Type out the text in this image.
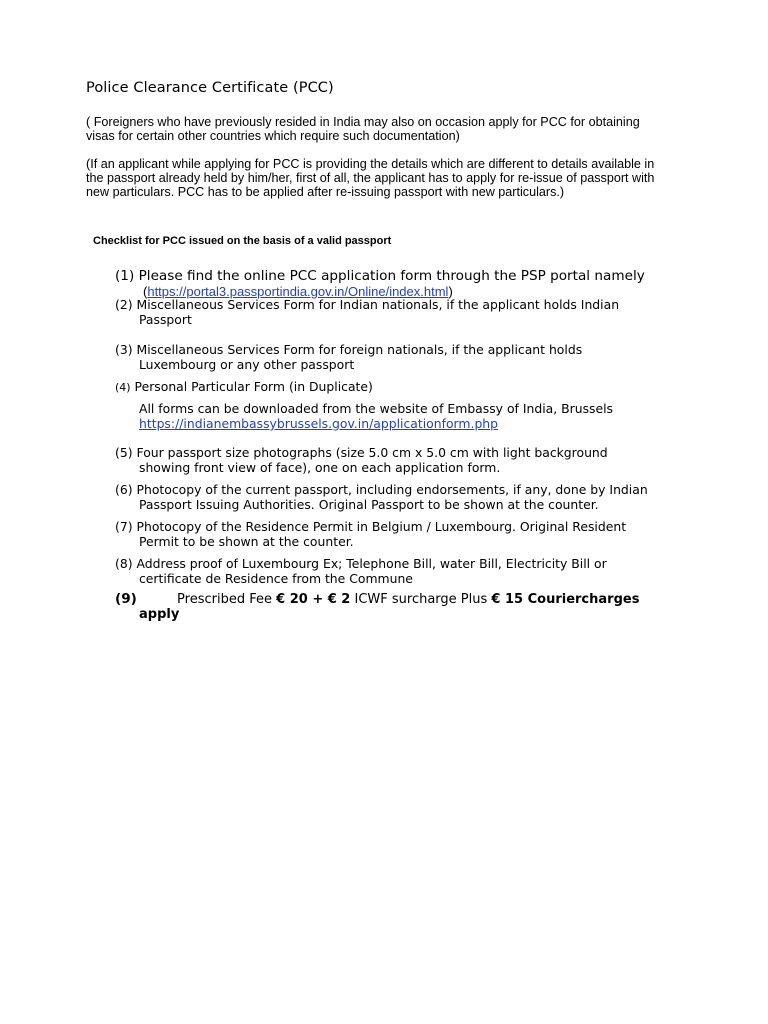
Police Clearance Certificate (PCC)
( Foreigners who have previously resided in India may also on occasion apply for PCC for obtaining
visas for certain other countries which require such documentation)
(If an applicant while applying for PCC is providing the details which are different to details available in
the passport already held by him/her, first of all, the applicant has to apply for re-issue of passport with
new particulars. PCC has to be applied after re-issuing passport with new particulars.)
Checklist for PCC issued on the basis of a valid passport
(1) Please find the online PCC application form through the PSP portal namely
(https://portal3.passportindia.gov.in/Online/index.html)
(2) Miscellaneous Services Form for Indian nationals, if the applicant holds Indian
Passport
(3) Miscellaneous Services Form for foreign nationals, if the applicant holds
Luxembourg or any other passport
(4) Personal Particular Form (in Duplicate)
All forms can be downloaded from the website of Embassy of India, Brussels
https://indianembassybrussels.gov.in/applicationform.php
(5) Four passport size photographs (size 5.0 cm x 5.0 cm with light background
showing front view of face), one on each application form.
(6) Photocopy of the current passport, including endorsements, if any, done by Indian
Passport Issuing Authorities. Original Passport to be shown at the counter.
(7) Photocopy of the Residence Permit in Belgium / Luxembourg. Original Resident
Permit to be shown at the counter.
(8) Address proof of Luxembourg Ex; Telephone Bill, water Bill, Electricity Bill or
certificate de Residence from the Commune
(9)	Prescribed Fee € 20 + € 2 ICWF surcharge Plus € 15 Couriercharges
apply
